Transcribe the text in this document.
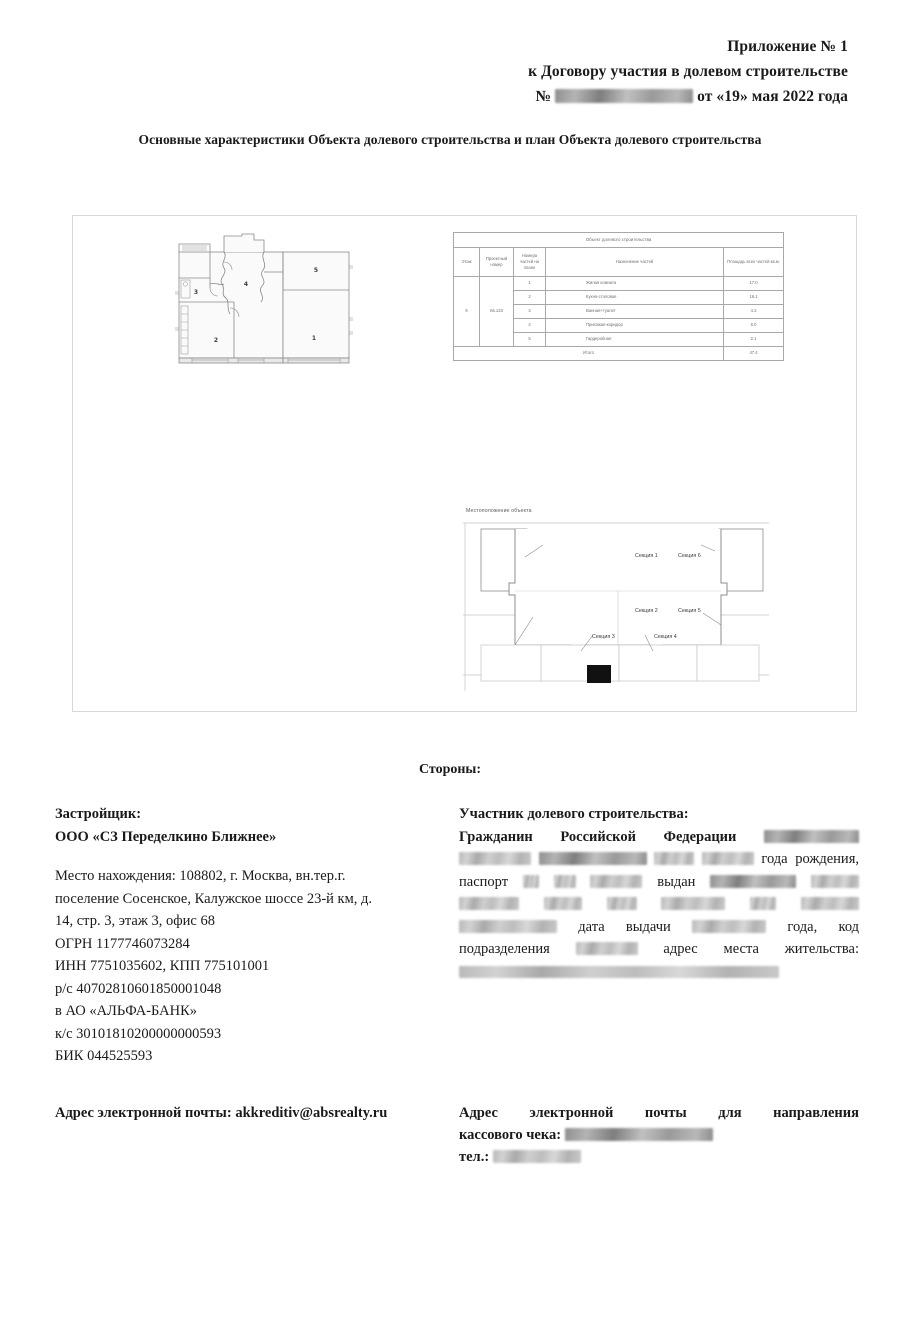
Приложение № 1
к Договору участия в долевом строительстве
№	от «19» мая 2022 года
Основные характеристики Объекта долевого строительства и план Объекта долевого строительства
1
2
3
4
5
Объект долевого строительства				
Этаж	Проектный номер	Номера частей на плане	Назначение частей	Площадь всех частей кв.м.
6	Кв.133	1	Жилая комната	17.0
		2	Кухня-столовая	16.1
		3	Ванная+туалет	4.2
		4	Прихожая-коридор	6.0
		5	Гардеробная	2.1
Итого				47.4
Местоположение объекта
Секция 1
Секция 2
Секция 3	Секция 4
Секция 5
Секция 6
Стороны:
Застройщик:
ООО «СЗ Переделкино Ближнее»
Место нахождения: 108802, г. Москва, вн.тер.г.
поселение Сосенское, Калужское шоссе 23-й км, д.
14, стр. 3, этаж 3, офис 68
ОГРН 1177746073284
ИНН 7751035602, КПП 775101001
р/с 40702810601850001048
в АО «АЛЬФА-БАНК»
к/с 30101810200000000593
БИК 044525593
Участник долевого строительства:
Гражданин Российской Федерации
года рождения,
паспорт	выдан

дата выдачи	года, код
подразделения	адрес места жительства:
Адрес электронной почты: akkreditiv@absrealty.ru	Адрес электронной почты для направления
кассового чека:
тел.:
